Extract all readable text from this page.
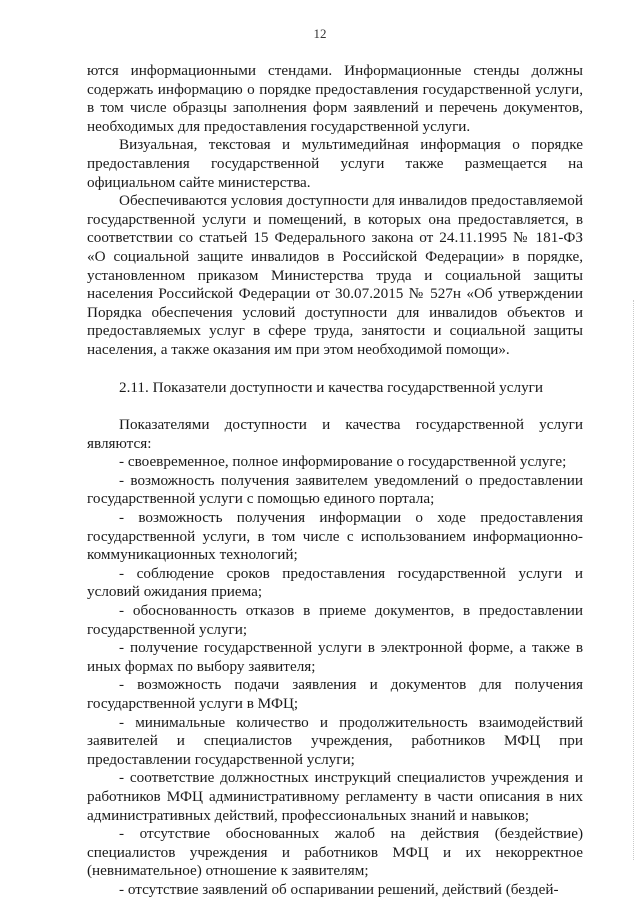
12

ются информационными стендами. Информационные стенды должны содержать информацию о порядке предоставления государственной услуги, в том числе образцы заполнения форм заявлений и перечень документов, необходимых для предоставления государственной услуги.

Визуальная, текстовая и мультимедийная информация о порядке предоставления государственной услуги также размещается на официальном сайте министерства.

Обеспечиваются условия доступности для инвалидов предоставляемой государственной услуги и помещений, в которых она предоставляется, в соответствии со статьей 15 Федерального закона от 24.11.1995 № 181-ФЗ «О социальной защите инвалидов в Российской Федерации» в порядке, установленном приказом Министерства труда и социальной защиты населения Российской Федерации от 30.07.2015 № 527н «Об утверждении Порядка обеспечения условий доступности для инвалидов объектов и предоставляемых услуг в сфере труда, занятости и социальной защиты населения, а также оказания им при этом необходимой помощи».

2.11. Показатели доступности и качества государственной услуги

Показателями доступности и качества государственной услуги являются:

- своевременное, полное информирование о государственной услуге;

- возможность получения заявителем уведомлений о предоставлении государственной услуги с помощью единого портала;

- возможность получения информации о ходе предоставления государственной услуги, в том числе с использованием информационно-коммуникационных технологий;

- соблюдение сроков предоставления государственной услуги и условий ожидания приема;

- обоснованность отказов в приеме документов, в предоставлении государственной услуги;

- получение государственной услуги в электронной форме, а также в иных формах по выбору заявителя;

- возможность подачи заявления и документов для получения государственной услуги в МФЦ;

- минимальные количество и продолжительность взаимодействий заявителей и специалистов учреждения, работников МФЦ при предоставлении государственной услуги;

- соответствие должностных инструкций специалистов учреждения и работников МФЦ административному регламенту в части описания в них административных действий, профессиональных знаний и навыков;

- отсутствие обоснованных жалоб на действия (бездействие) специалистов учреждения и работников МФЦ и их некорректное (невнимательное) отношение к заявителям;

- отсутствие заявлений об оспаривании решений, действий (бездей-
